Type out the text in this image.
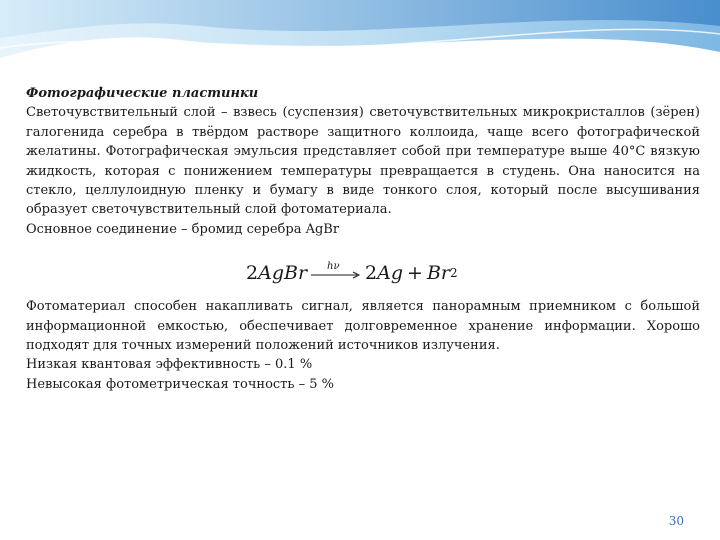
Фотографические пластинки

Светочувствительный слой – взвесь (суспензия) светочувствительных микрокристаллов (зёрен) галогенида серебра в твёрдом растворе защитного коллоида, чаще всего фотографической желатины. Фотографическая эмульсия представляет собой при температуре выше 40°С вязкую жидкость, которая с понижением температуры превращается в студень. Она наносится на стекло, целлулоидную пленку и бумагу в виде тонкого слоя, который после высушивания образует светочувствительный слой фотоматериала.

Основное соединение – бромид серебра AgBr

2 AgBr hν 2 Ag + Br 2

Фотоматериал способен накапливать сигнал, является панорамным приемником с большой информационной емкостью, обеспечивает долговременное хранение информации. Хорошо подходят для точных измерений положений источников излучения.

Низкая квантовая эффективность – 0.1 %

Невысокая фотометрическая точность – 5 %

30
